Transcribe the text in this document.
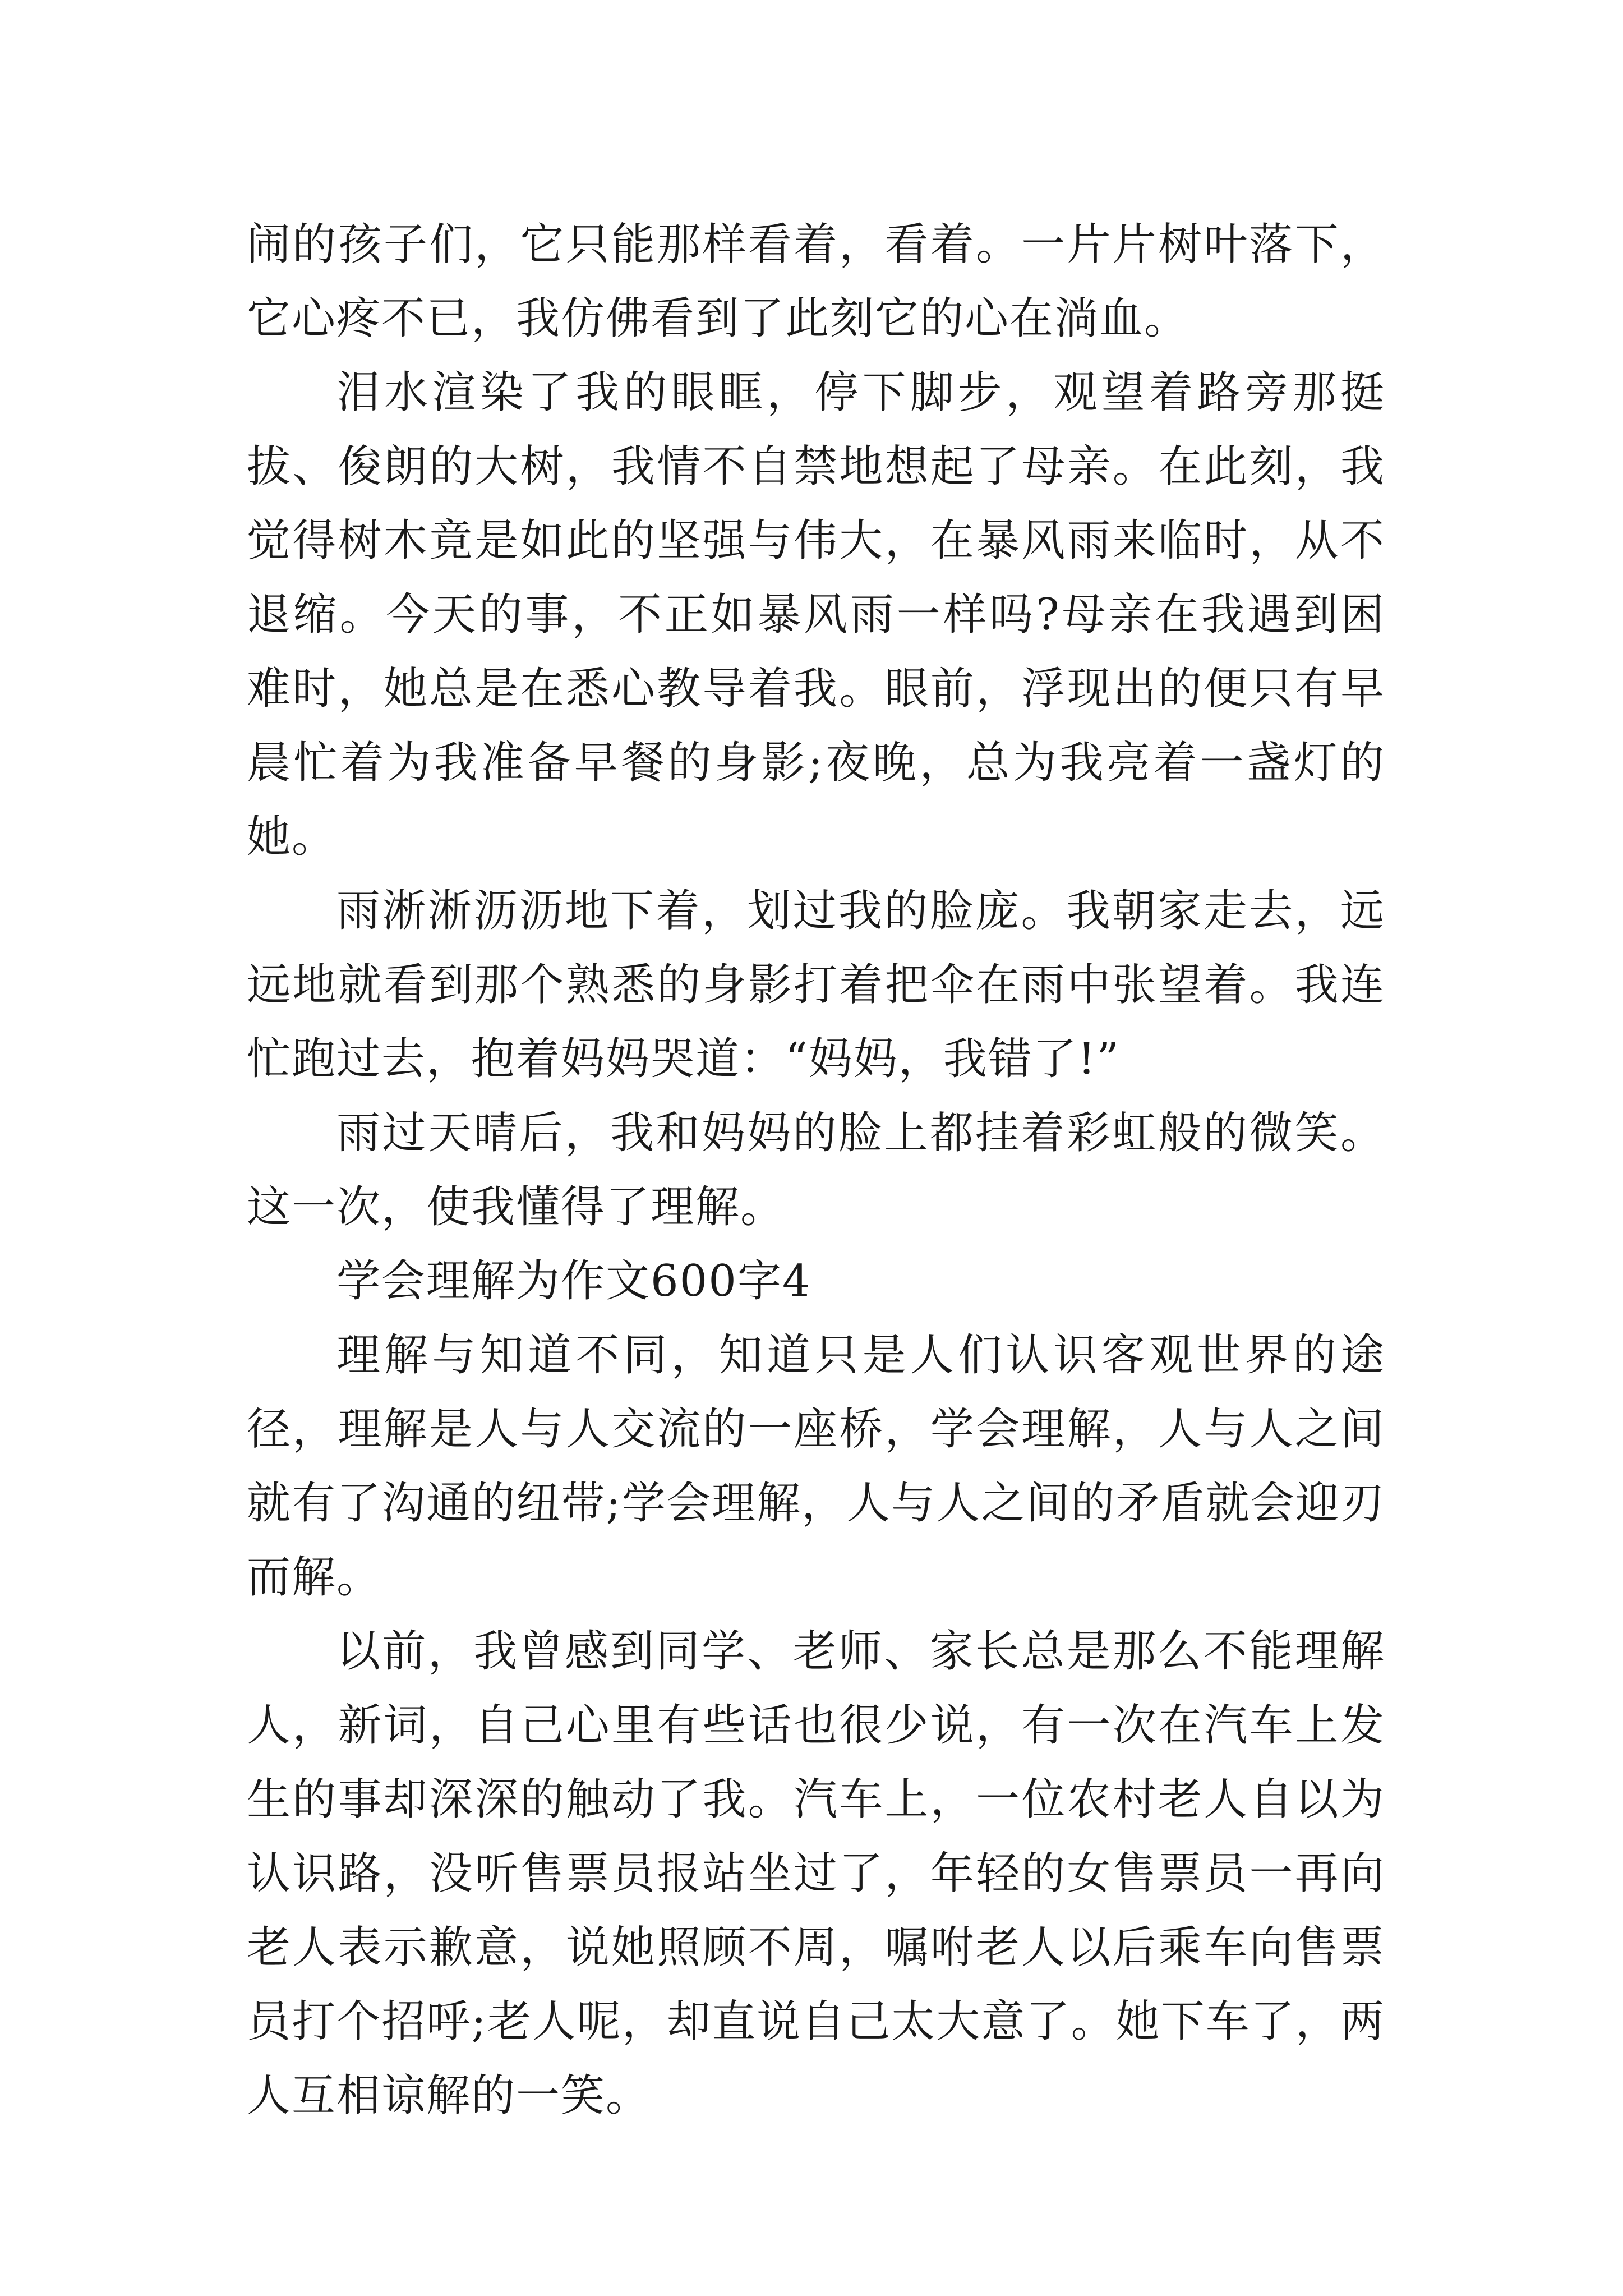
闹的孩子们，它只能那样看着，看着。一片片树叶落下，它心疼不已，我仿佛看到了此刻它的心在淌血。

泪水渲染了我的眼眶，停下脚步，观望着路旁那挺拔、俊朗的大树，我情不自禁地想起了母亲。在此刻，我觉得树木竟是如此的坚强与伟大，在暴风雨来临时，从不退缩。今天的事，不正如暴风雨一样吗?母亲在我遇到困难时，她总是在悉心教导着我。眼前，浮现出的便只有早晨忙着为我准备早餐的身影;夜晚，总为我亮着一盏灯的她。

雨淅淅沥沥地下着，划过我的脸庞。我朝家走去，远远地就看到那个熟悉的身影打着把伞在雨中张望着。我连忙跑过去，抱着妈妈哭道：“妈妈，我错了!”

雨过天晴后，我和妈妈的脸上都挂着彩虹般的微笑。这一次，使我懂得了理解。

学会理解为作文600字4

理解与知道不同，知道只是人们认识客观世界的途径，理解是人与人交流的一座桥，学会理解，人与人之间就有了沟通的纽带;学会理解，人与人之间的矛盾就会迎刃而解。

以前，我曾感到同学、老师、家长总是那么不能理解人，新词，自己心里有些话也很少说，有一次在汽车上发生的事却深深的触动了我。汽车上，一位农村老人自以为认识路，没听售票员报站坐过了，年轻的女售票员一再向老人表示歉意，说她照顾不周，嘱咐老人以后乘车向售票员打个招呼;老人呢，却直说自己太大意了。她下车了，两人互相谅解的一笑。
